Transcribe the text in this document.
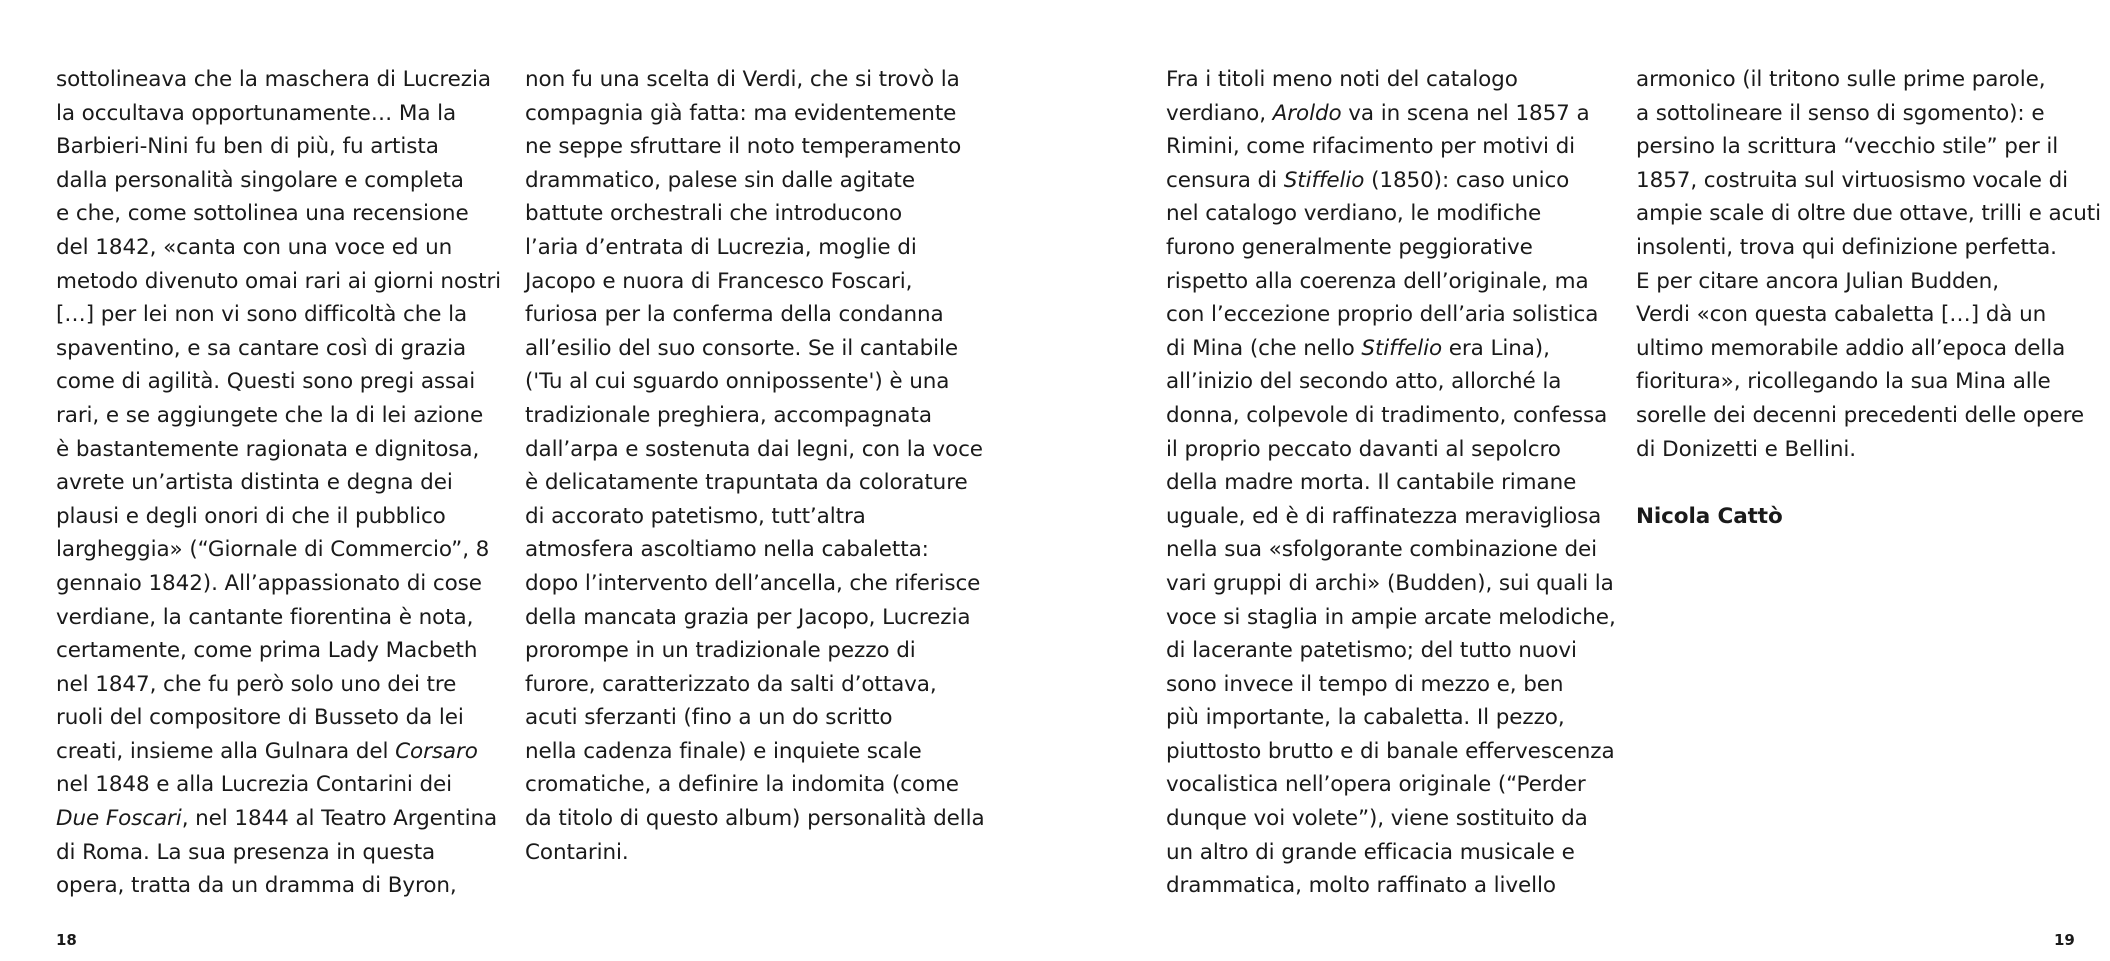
sottolineava che la maschera di Lucrezia
la occultava opportunamente… Ma la
Barbieri-Nini fu ben di più, fu artista
dalla personalità singolare e completa
e che, come sottolinea una recensione
del 1842, «canta con una voce ed un
metodo divenuto omai rari ai giorni nostri
[…] per lei non vi sono difficoltà che la
spaventino, e sa cantare così di grazia
come di agilità. Questi sono pregi assai
rari, e se aggiungete che la di lei azione
è bastantemente ragionata e dignitosa,
avrete un’artista distinta e degna dei
plausi e degli onori di che il pubblico
largheggia» (“Giornale di Commercio”, 8
gennaio 1842). All’appassionato di cose
verdiane, la cantante fiorentina è nota,
certamente, come prima Lady Macbeth
nel 1847, che fu però solo uno dei tre
ruoli del compositore di Busseto da lei
creati, insieme alla Gulnara del Corsaro
nel 1848 e alla Lucrezia Contarini dei
Due Foscari, nel 1844 al Teatro Argentina
di Roma. La sua presenza in questa
opera, tratta da un dramma di Byron,
non fu una scelta di Verdi, che si trovò la
compagnia già fatta: ma evidentemente
ne seppe sfruttare il noto temperamento
drammatico, palese sin dalle agitate
battute orchestrali che introducono
l’aria d’entrata di Lucrezia, moglie di
Jacopo e nuora di Francesco Foscari,
furiosa per la conferma della condanna
all’esilio del suo consorte. Se il cantabile
('Tu al cui sguardo onnipossente') è una
tradizionale preghiera, accompagnata
dall’arpa e sostenuta dai legni, con la voce
è delicatamente trapuntata da colorature
di accorato patetismo, tutt’altra
atmosfera ascoltiamo nella cabaletta:
dopo l’intervento dell’ancella, che riferisce
della mancata grazia per Jacopo, Lucrezia
prorompe in un tradizionale pezzo di
furore, caratterizzato da salti d’ottava,
acuti sferzanti (fino a un do scritto
nella cadenza finale) e inquiete scale
cromatiche, a definire la indomita (come
da titolo di questo album) personalità della
Contarini.
Fra i titoli meno noti del catalogo
verdiano, Aroldo va in scena nel 1857 a
Rimini, come rifacimento per motivi di
censura di Stiffelio (1850): caso unico
nel catalogo verdiano, le modifiche
furono generalmente peggiorative
rispetto alla coerenza dell’originale, ma
con l’eccezione proprio dell’aria solistica
di Mina (che nello Stiffelio era Lina),
all’inizio del secondo atto, allorché la
donna, colpevole di tradimento, confessa
il proprio peccato davanti al sepolcro
della madre morta. Il cantabile rimane
uguale, ed è di raffinatezza meravigliosa
nella sua «sfolgorante combinazione dei
vari gruppi di archi» (Budden), sui quali la
voce si staglia in ampie arcate melodiche,
di lacerante patetismo; del tutto nuovi
sono invece il tempo di mezzo e, ben
più importante, la cabaletta. Il pezzo,
piuttosto brutto e di banale effervescenza
vocalistica nell’opera originale (“Perder
dunque voi volete”), viene sostituito da
un altro di grande efficacia musicale e
drammatica, molto raffinato a livello
armonico (il tritono sulle prime parole,
a sottolineare il senso di sgomento): e
persino la scrittura “vecchio stile” per il
1857, costruita sul virtuosismo vocale di
ampie scale di oltre due ottave, trilli e acuti
insolenti, trova qui definizione perfetta.
E per citare ancora Julian Budden,
Verdi «con questa cabaletta […] dà un
ultimo memorabile addio all’epoca della
fioritura», ricollegando la sua Mina alle
sorelle dei decenni precedenti delle opere
di Donizetti e Bellini.
Nicola Cattò
18	19
